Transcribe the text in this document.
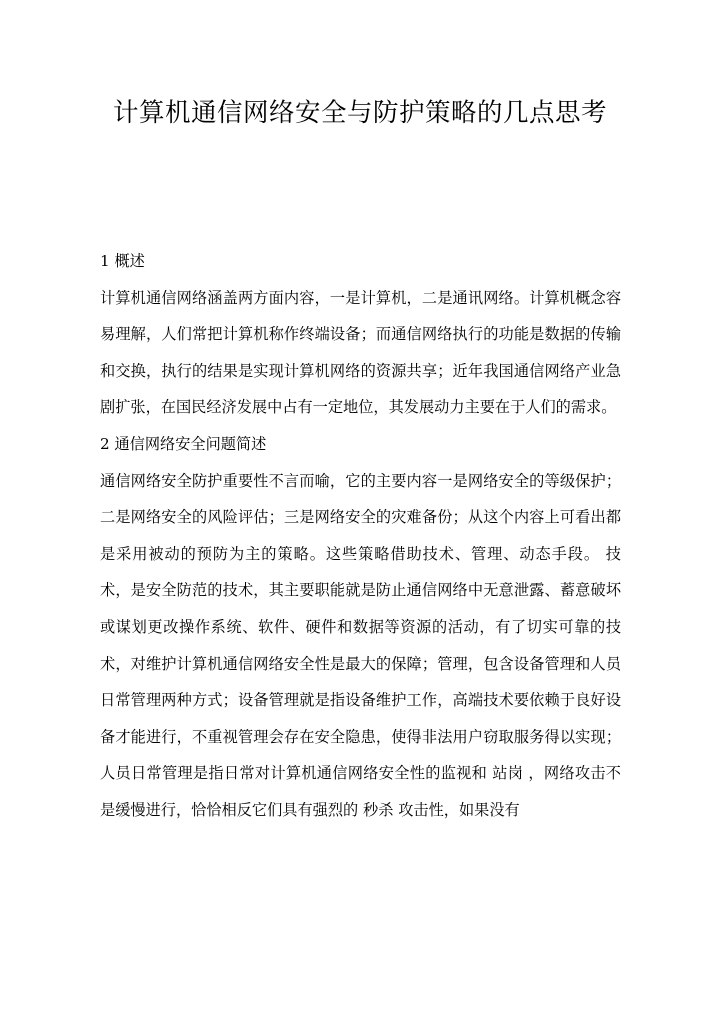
计算机通信网络安全与防护策略的几点思考
1 概述

计算机通信网络涵盖两方面内容，一是计算机，二是通讯网络。计算机概念容易理解，人们常把计算机称作终端设备；而通信网络执行的功能是数据的传输和交换，执行的结果是实现计算机网络的资源共享；近年我国通信网络产业急剧扩张，在国民经济发展中占有一定地位，其发展动力主要在于人们的需求。

2 通信网络安全问题简述

通信网络安全防护重要性不言而喻，它的主要内容一是网络安全的等级保护；二是网络安全的风险评估；三是网络安全的灾难备份；从这个内容上可看出都是采用被动的预防为主的策略。这些策略借助技术、管理、动态手段。 技术，是安全防范的技术，其主要职能就是防止通信网络中无意泄露、蓄意破坏或谋划更改操作系统、软件、硬件和数据等资源的活动，有了切实可靠的技术，对维护计算机通信网络安全性是最大的保障；管理，包含设备管理和人员日常管理两种方式；设备管理就是指设备维护工作，高端技术要依赖于良好设备才能进行，不重视管理会存在安全隐患，使得非法用户窃取服务得以实现；人员日常管理是指日常对计算机通信网络安全性的监视和 站岗 ，网络攻击不是缓慢进行，恰恰相反它们具有强烈的 秒杀 攻击性，如果没有
